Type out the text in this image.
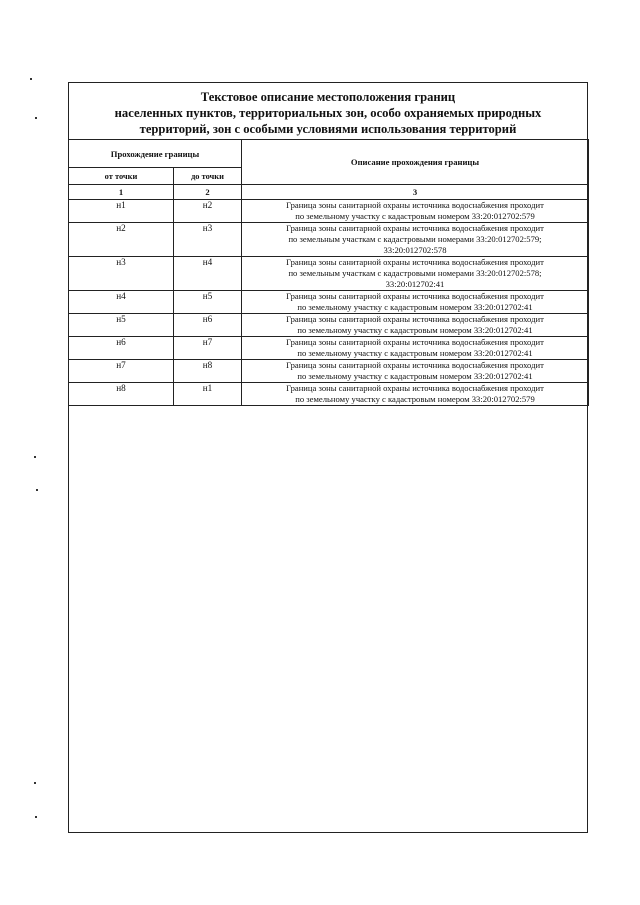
Текстовое описание местоположения границ
населенных пунктов, территориальных зон, особо охраняемых природных
территорий, зон с особыми условиями использования территорий
Прохождение границы		Описание прохождения границы
от точки	до точки	
1	2	3
н1	н2	Граница зоны санитарной охраны источника водоснабжения проходит
по земельному участку с кадастровым номером 33:20:012702:579

н2	н3	Граница зоны санитарной охраны источника водоснабжения проходит
по земельным участкам с кадастровыми номерами 33:20:012702:579;
33:20:012702:578

н3	н4	Граница зоны санитарной охраны источника водоснабжения проходит
по земельным участкам с кадастровыми номерами 33:20:012702:578;
33:20:012702:41

н4	н5	Граница зоны санитарной охраны источника водоснабжения проходит
по земельному участку с кадастровым номером 33:20:012702:41

н5	н6	Граница зоны санитарной охраны источника водоснабжения проходит
по земельному участку с кадастровым номером 33:20:012702:41

н6	н7	Граница зоны санитарной охраны источника водоснабжения проходит
по земельному участку с кадастровым номером 33:20:012702:41

н7	н8	Граница зоны санитарной охраны источника водоснабжения проходит
по земельному участку с кадастровым номером 33:20:012702:41

н8	н1	Граница зоны санитарной охраны источника водоснабжения проходит
по земельному участку с кадастровым номером 33:20:012702:579
